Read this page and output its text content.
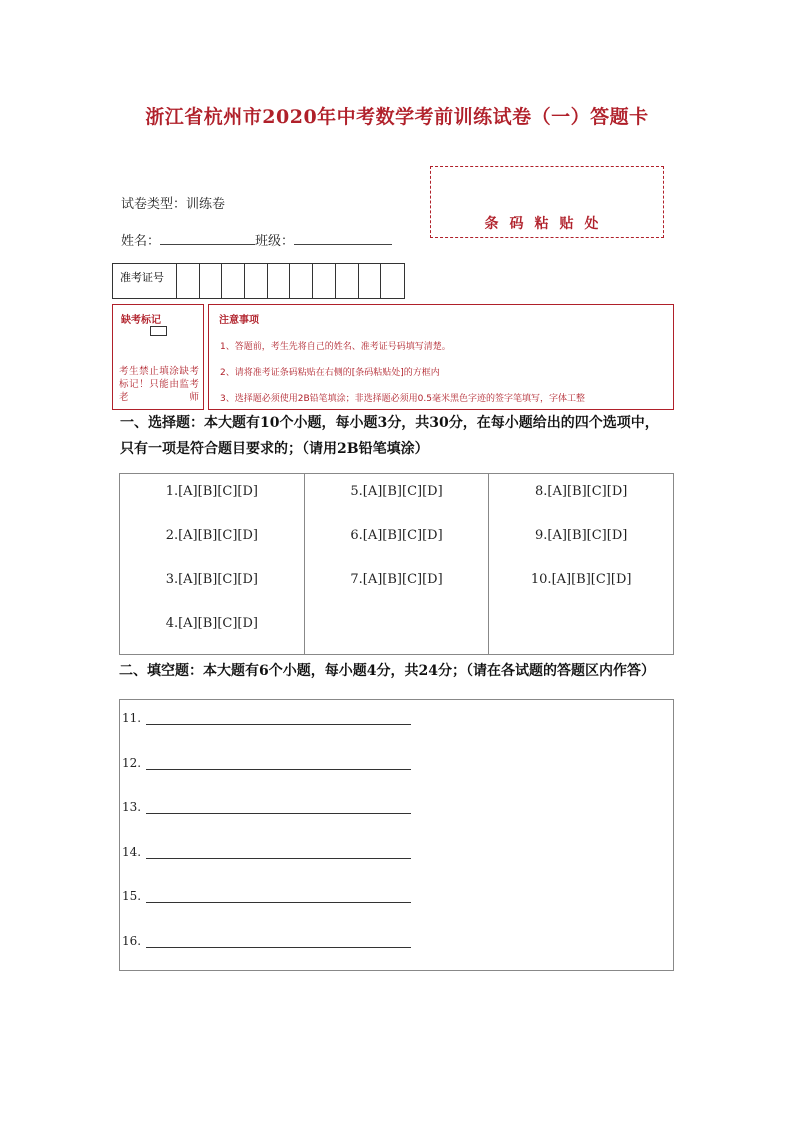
浙江省杭州市2020年中考数学考前训练试卷（一）答题卡
条码粘贴处
试卷类型：训练卷
姓名：	班级：
准考证号
缺考标记
考生禁止填涂缺考标记！只能由监考老师
注意事项
1、答题前，考生先将自己的姓名、准考证号码填写清楚。
2、请将准考证条码粘贴在右侧的[条码粘贴处]的方框内
3、选择题必须使用2B铅笔填涂；非选择题必须用0.5毫米黑色字迹的签字笔填写，字体工整
一、选择题：本大题有10个小题，每小题3分，共30分，在每小题给出的四个选项中，
只有一项是符合题目要求的；（请用2B铅笔填涂）
1.[A][B][C][D]
2.[A][B][C][D]
3.[A][B][C][D]
4.[A][B][C][D]
5.[A][B][C][D]
6.[A][B][C][D]
7.[A][B][C][D]
8.[A][B][C][D]
9.[A][B][C][D]
10.[A][B][C][D]
二、填空题：本大题有6个小题，每小题4分，共24分；（请在各试题的答题区内作答）
11.
12.
13.
14.
15.
16.
